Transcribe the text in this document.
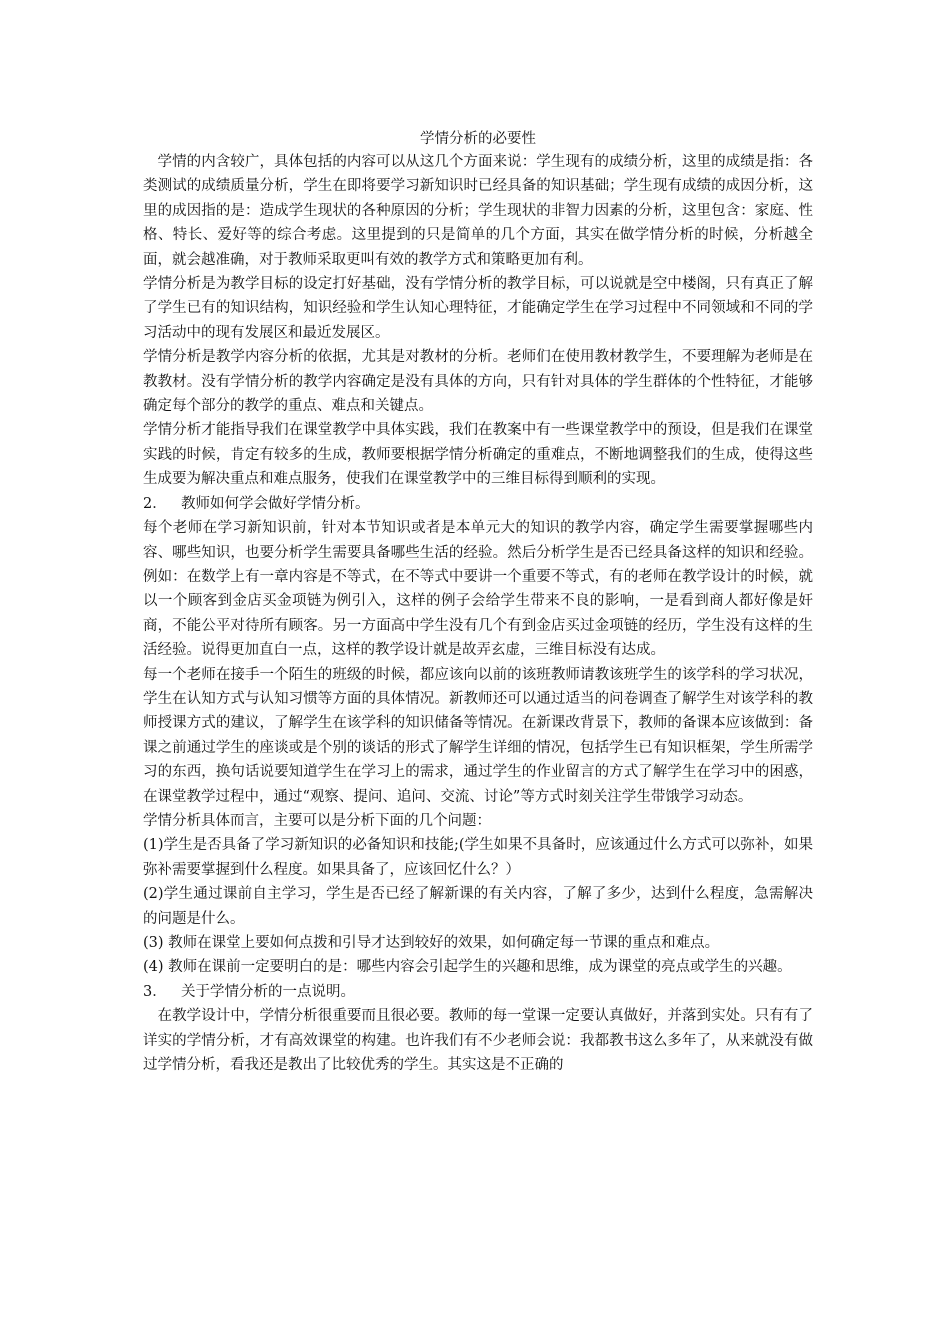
学情分析的必要性

学情的内含较广，具体包括的内容可以从这几个方面来说：学生现有的成绩分析，这里的成绩是指：各类测试的成绩质量分析，学生在即将要学习新知识时已经具备的知识基础；学生现有成绩的成因分析，这里的成因指的是：造成学生现状的各种原因的分析；学生现状的非智力因素的分析，这里包含：家庭、性格、特长、爱好等的综合考虑。这里提到的只是简单的几个方面，其实在做学情分析的时候，分析越全面，就会越准确，对于教师采取更叫有效的教学方式和策略更加有利。

学情分析是为教学目标的设定打好基础，没有学情分析的教学目标，可以说就是空中楼阁，只有真正了解了学生已有的知识结构，知识经验和学生认知心理特征，才能确定学生在学习过程中不同领域和不同的学习活动中的现有发展区和最近发展区。

学情分析是教学内容分析的依据，尤其是对教材的分析。老师们在使用教材教学生，不要理解为老师是在教教材。没有学情分析的教学内容确定是没有具体的方向，只有针对具体的学生群体的个性特征，才能够确定每个部分的教学的重点、难点和关键点。

学情分析才能指导我们在课堂教学中具体实践，我们在教案中有一些课堂教学中的预设，但是我们在课堂实践的时候，肯定有较多的生成，教师要根据学情分析确定的重难点，不断地调整我们的生成，使得这些生成要为解决重点和难点服务，使我们在课堂教学中的三维目标得到顺利的实现。

2． 教师如何学会做好学情分析。

每个老师在学习新知识前，针对本节知识或者是本单元大的知识的教学内容，确定学生需要掌握哪些内容、哪些知识，也要分析学生需要具备哪些生活的经验。然后分析学生是否已经具备这样的知识和经验。例如：在数学上有一章内容是不等式，在不等式中要讲一个重要不等式，有的老师在教学设计的时候，就以一个顾客到金店买金项链为例引入，这样的例子会给学生带来不良的影响，一是看到商人都好像是奸商，不能公平对待所有顾客。另一方面高中学生没有几个有到金店买过金项链的经历，学生没有这样的生活经验。说得更加直白一点，这样的教学设计就是故弄玄虚，三维目标没有达成。

每一个老师在接手一个陌生的班级的时候，都应该向以前的该班教师请教该班学生的该学科的学习状况，学生在认知方式与认知习惯等方面的具体情况。新教师还可以通过适当的问卷调查了解学生对该学科的教师授课方式的建议，了解学生在该学科的知识储备等情况。在新课改背景下，教师的备课本应该做到：备课之前通过学生的座谈或是个别的谈话的形式了解学生详细的情况，包括学生已有知识框架，学生所需学习的东西，换句话说要知道学生在学习上的需求，通过学生的作业留言的方式了解学生在学习中的困惑，在课堂教学过程中，通过“观察、提问、追问、交流、讨论”等方式时刻关注学生带饿学习动态。

学情分析具体而言，主要可以是分析下面的几个问题：

(1)学生是否具备了学习新知识的必备知识和技能;(学生如果不具备时，应该通过什么方式可以弥补，如果弥补需要掌握到什么程度。如果具备了，应该回忆什么？）

(2)学生通过课前自主学习，学生是否已经了解新课的有关内容，了解了多少，达到什么程度，急需解决的问题是什么。

(3) 教师在课堂上要如何点拨和引导才达到较好的效果，如何确定每一节课的重点和难点。

(4) 教师在课前一定要明白的是：哪些内容会引起学生的兴趣和思维，成为课堂的亮点或学生的兴趣。

3． 关于学情分析的一点说明。

在教学设计中，学情分析很重要而且很必要。教师的每一堂课一定要认真做好，并落到实处。只有有了详实的学情分析，才有高效课堂的构建。也许我们有不少老师会说：我都教书这么多年了，从来就没有做过学情分析，看我还是教出了比较优秀的学生。其实这是不正确的
